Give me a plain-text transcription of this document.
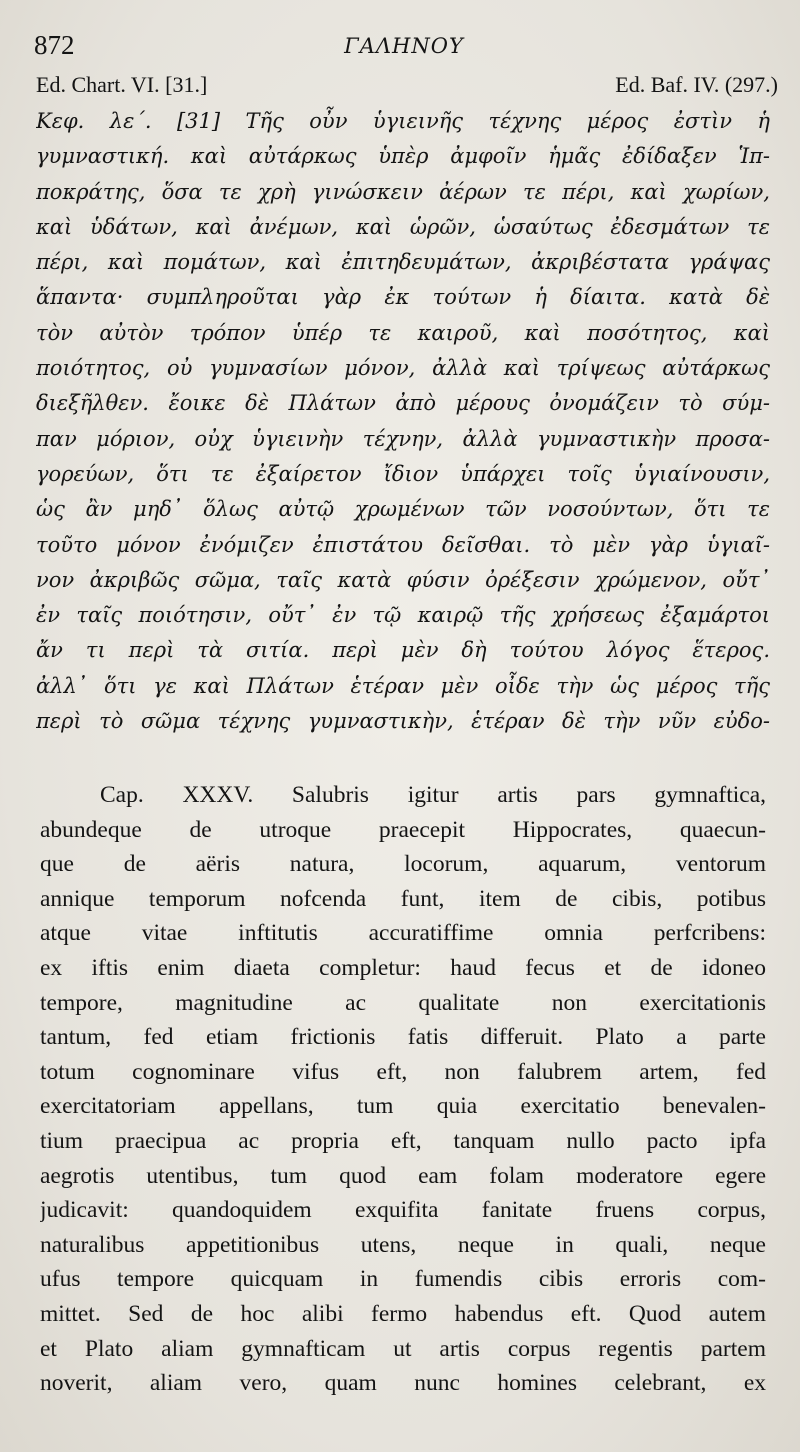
872	ΓΑΛΗΝΟΥ
Ed. Chart. VI. [31.]	Ed. Baf. IV. (297.)
Κεφ. λε΄. [31] Τῆς οὖν ὑγιεινῆς τέχνης μέρος ἐστὶν ἡ
γυμναστική. καὶ αὐτάρκως ὑπὲρ ἀμφοῖν ἡμᾶς ἐδίδαξεν Ἱπ-
ποκράτης, ὅσα τε χρὴ γινώσκειν ἀέρων τε πέρι, καὶ χωρίων,
καὶ ὑδάτων, καὶ ἀνέμων, καὶ ὡρῶν, ὡσαύτως ἐδεσμάτων τε
πέρι, καὶ πομάτων, καὶ ἐπιτηδευμάτων, ἀκριβέστατα γράψας
ἅπαντα· συμπληροῦται γὰρ ἐκ τούτων ἡ δίαιτα. κατὰ δὲ
τὸν αὐτὸν τρόπον ὑπέρ τε καιροῦ, καὶ ποσότητος, καὶ
ποιότητος, οὐ γυμνασίων μόνον, ἀλλὰ καὶ τρίψεως αὐτάρκως
διεξῆλθεν. ἔοικε δὲ Πλάτων ἀπὸ μέρους ὀνομάζειν τὸ σύμ-
παν μόριον, οὐχ ὑγιεινὴν τέχνην, ἀλλὰ γυμναστικὴν προσα-
γορεύων, ὅτι τε ἐξαίρετον ἴδιον ὑπάρχει τοῖς ὑγιαίνουσιν,
ὡς ἂν μηδ᾽ ὅλως αὐτῷ χρωμένων τῶν νοσούντων, ὅτι τε
τοῦτο μόνον ἐνόμιζεν ἐπιστάτου δεῖσθαι. τὸ μὲν γὰρ ὑγιαῖ-
νον ἀκριβῶς σῶμα, ταῖς κατὰ φύσιν ὀρέξεσιν χρώμενον, οὔτ᾽
ἐν ταῖς ποιότησιν, οὔτ᾽ ἐν τῷ καιρῷ τῆς χρήσεως ἐξαμάρτοι
ἄν τι περὶ τὰ σιτία. περὶ μὲν δὴ τούτου λόγος ἕτερος.
ἀλλ᾽ ὅτι γε καὶ Πλάτων ἑτέραν μὲν οἶδε τὴν ὡς μέρος τῆς
περὶ τὸ σῶμα τέχνης γυμναστικὴν, ἑτέραν δὲ τὴν νῦν εὐδο-
Cap. XXXV. Salubris igitur artis pars gymnaftica,
abundeque de utroque praecepit Hippocrates, quaecun-
que de aëris natura, locorum, aquarum, ventorum
annique temporum nofcenda funt, item de cibis, potibus
atque vitae inftitutis accuratiffime omnia perfcribens:
ex iftis enim diaeta completur: haud fecus et de idoneo
tempore, magnitudine ac qualitate non exercitationis
tantum, fed etiam frictionis fatis differuit. Plato a parte
totum cognominare vifus eft, non falubrem artem, fed
exercitatoriam appellans, tum quia exercitatio benevalen-
tium praecipua ac propria eft, tanquam nullo pacto ipfa
aegrotis utentibus, tum quod eam folam moderatore egere
judicavit: quandoquidem exquifita fanitate fruens corpus,
naturalibus appetitionibus utens, neque in quali, neque
ufus tempore quicquam in fumendis cibis erroris com-
mittet. Sed de hoc alibi fermo habendus eft. Quod autem
et Plato aliam gymnafticam ut artis corpus regentis partem
noverit, aliam vero, quam nunc homines celebrant, ex
